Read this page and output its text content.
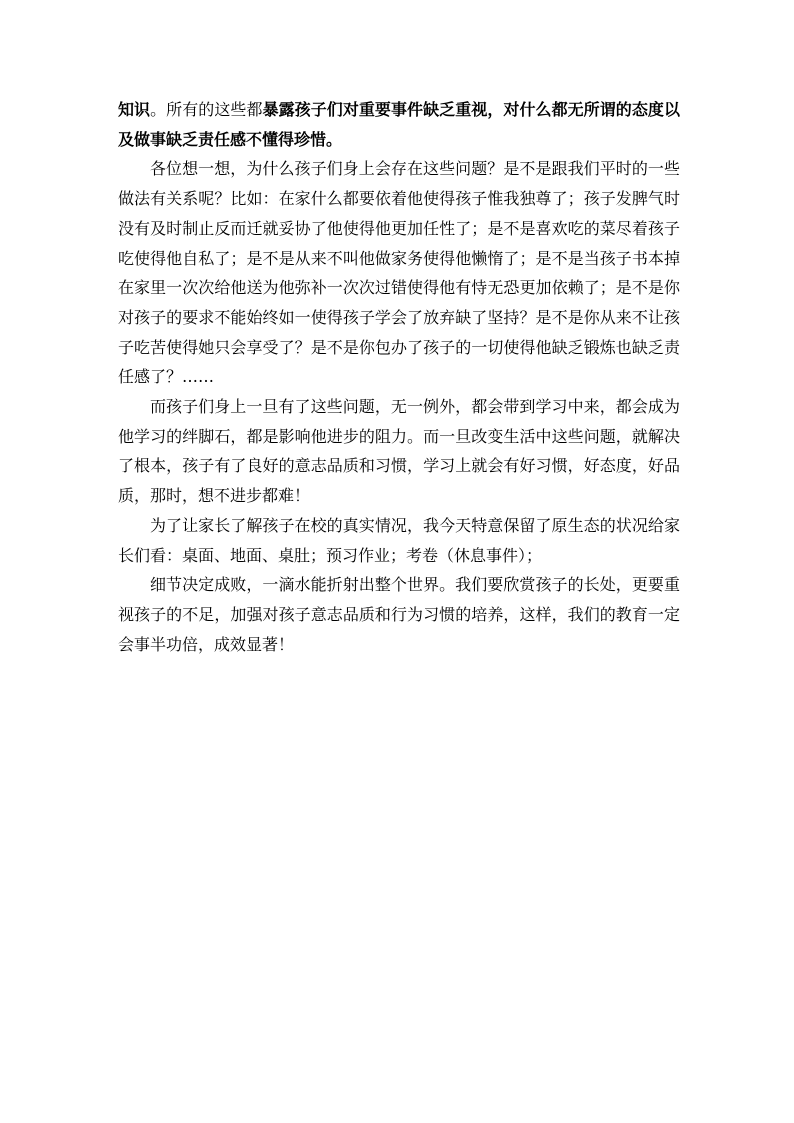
知识。所有的这些都暴露孩子们对重要事件缺乏重视，对什么都无所谓的态度以及做事缺乏责任感不懂得珍惜。

各位想一想，为什么孩子们身上会存在这些问题？是不是跟我们平时的一些做法有关系呢？比如：在家什么都要依着他使得孩子惟我独尊了；孩子发脾气时没有及时制止反而迁就妥协了他使得他更加任性了；是不是喜欢吃的菜尽着孩子吃使得他自私了；是不是从来不叫他做家务使得他懒惰了；是不是当孩子书本掉在家里一次次给他送为他弥补一次次过错使得他有恃无恐更加依赖了；是不是你对孩子的要求不能始终如一使得孩子学会了放弃缺了坚持？是不是你从来不让孩子吃苦使得她只会享受了？是不是你包办了孩子的一切使得他缺乏锻炼也缺乏责任感了？……

而孩子们身上一旦有了这些问题，无一例外，都会带到学习中来，都会成为他学习的绊脚石，都是影响他进步的阻力。而一旦改变生活中这些问题，就解决了根本，孩子有了良好的意志品质和习惯，学习上就会有好习惯，好态度，好品质，那时，想不进步都难！

为了让家长了解孩子在校的真实情况，我今天特意保留了原生态的状况给家长们看：桌面、地面、桌肚；预习作业；考卷（休息事件）；

细节决定成败，一滴水能折射出整个世界。我们要欣赏孩子的长处，更要重视孩子的不足，加强对孩子意志品质和行为习惯的培养，这样，我们的教育一定会事半功倍，成效显著！
